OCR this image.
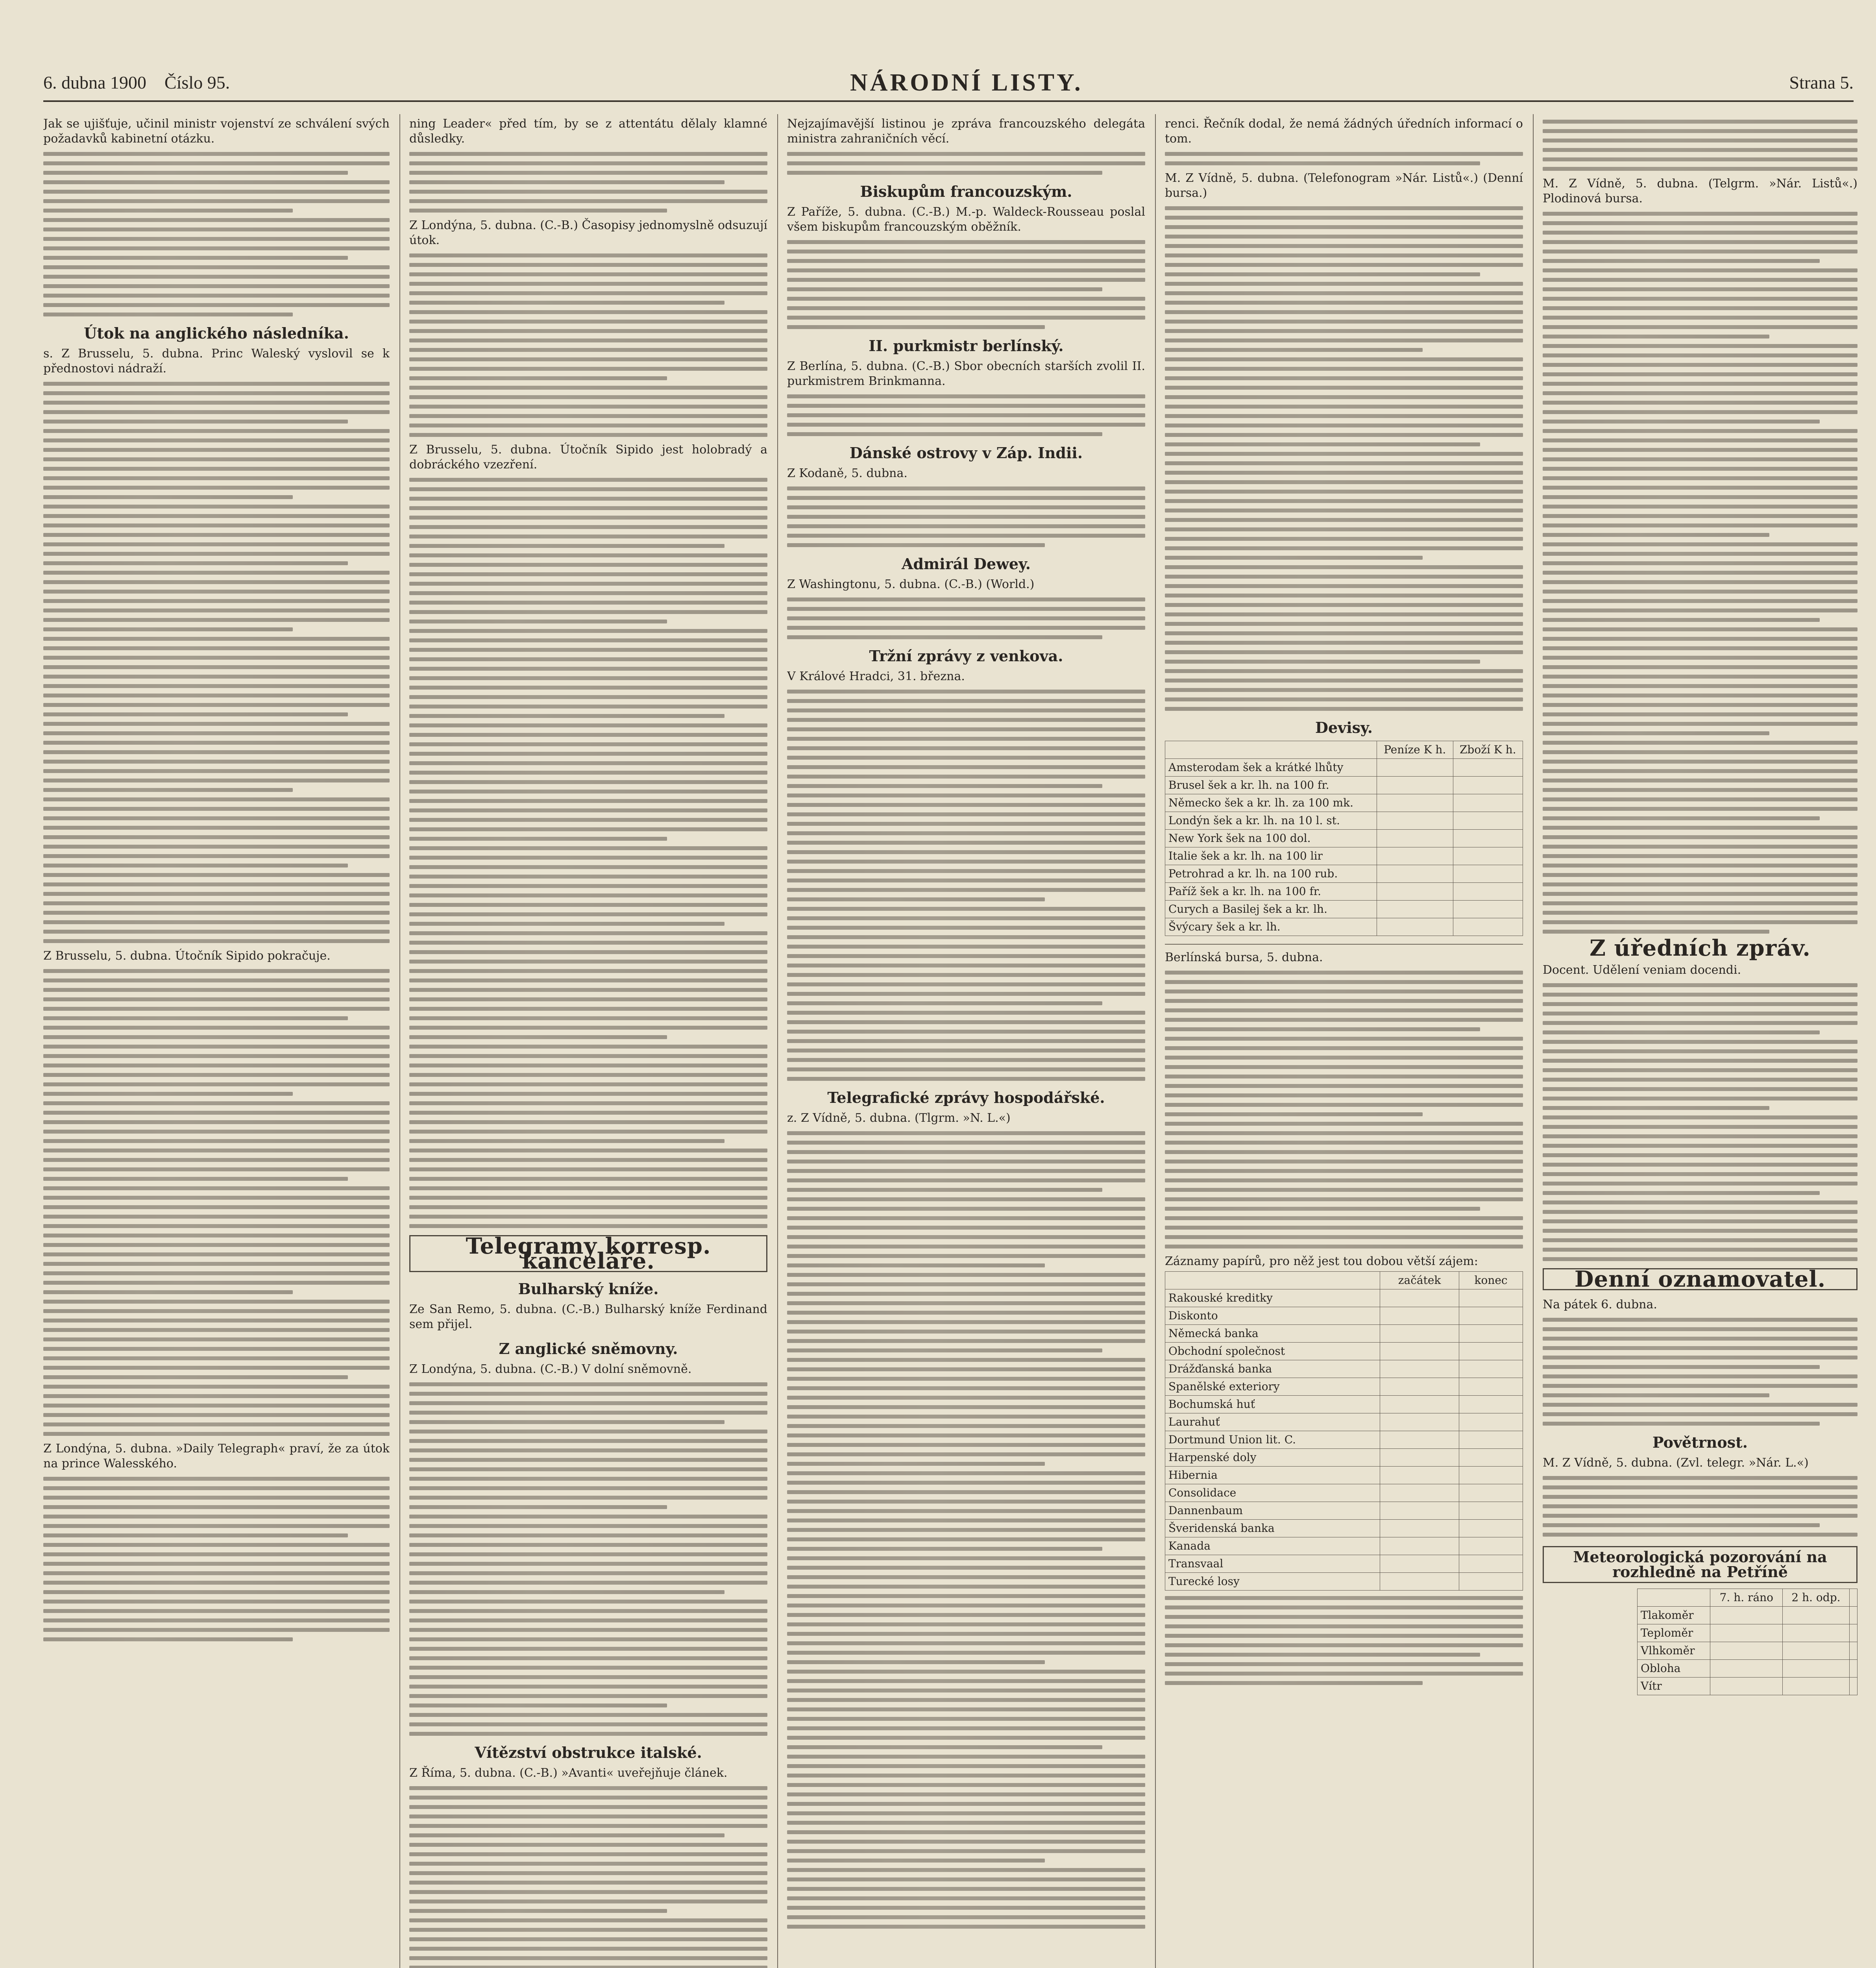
6. dubna 1900 Číslo 95.	NÁRODNÍ LISTY.	Strana 5.
Jak se ujišťuje, učinil ministr vojenství ze schválení svých požadavků kabinetní otázku.
Útok na anglického následníka.
s. Z Brusselu, 5. dubna. Princ Waleský vyslovil se k přednostovi nádraží.
Z Brusselu, 5. dubna. Útočník Sipido pokračuje.
Z Londýna, 5. dubna. »Daily Telegraph« praví, že za útok na prince Walesského.
ning Leader« před tím, by se z attentátu dělaly klamné důsledky.
Z Londýna, 5. dubna. (C.-B.) Časopisy jednomyslně odsuzují útok.
Z Brusselu, 5. dubna. Útočník Sipido jest holobradý a dobráckého vzezření.
Telegramy korresp. kanceláře.
Bulharský kníže.
Ze San Remo, 5. dubna. (C.-B.) Bulharský kníže Ferdinand sem přijel.
Z anglické sněmovny.
Z Londýna, 5. dubna. (C.-B.) V dolní sněmovně.
Vítězství obstrukce italské.
Z Říma, 5. dubna. (C.-B.) »Avanti« uveřejňuje článek.
Nejzajímavější listinou je zpráva francouzského delegáta ministra zahraničních věcí.
Biskupům francouzským.
Z Paříže, 5. dubna. (C.-B.) M.-p. Waldeck-Rousseau poslal všem biskupům francouzským oběžník.
II. purkmistr berlínský.
Z Berlína, 5. dubna. (C.-B.) Sbor obecních starších zvolil II. purkmistrem Brinkmanna.
Dánské ostrovy v Záp. Indii.
Z Kodaně, 5. dubna.
Admirál Dewey.
Z Washingtonu, 5. dubna. (C.-B.) (World.)
Tržní zprávy z venkova.
V Králové Hradci, 31. března.
Telegrafické zprávy hospodářské.
z. Z Vídně, 5. dubna. (Tlgrm. »N. L.«)
renci. Řečník dodal, že nemá žádných úředních informací o tom.
M. Z Vídně, 5. dubna. (Telefonogram »Nár. Listů«.) (Denní bursa.)
Devisy.
	Peníze K h.	Zboží K h.
Amsterodam šek a krátké lhůty		
Brusel šek a kr. lh. na 100 fr.		
Německo šek a kr. lh. za 100 mk.		
Londýn šek a kr. lh. na 10 l. st.		
New York šek na 100 dol.		
Italie šek a kr. lh. na 100 lir		
Petrohrad a kr. lh. na 100 rub.		
Paříž šek a kr. lh. na 100 fr.		
Curych a Basilej šek a kr. lh.		
Švýcary šek a kr. lh.		
Berlínská bursa, 5. dubna.
Záznamy papírů, pro něž jest tou dobou větší zájem:
	začátek	konec
Rakouské kreditky		
Diskonto		
Německá banka		
Obchodní společnost		
Drážďanská banka		
Spanělské exteriory		
Bochumská huť		
Laurahuť		
Dortmund Union lit. C.		
Harpenské doly		
Hibernia		
Consolidace		
Dannenbaum		
Šveridenská banka		
Kanada		
Transvaal		
Turecké losy		
M. Z Vídně, 5. dubna. (Telgrm. »Nár. Listů«.) Plodinová bursa.
Z úředních zpráv.
Docent. Udělení veniam docendi.
Denní oznamovatel.
Na pátek 6. dubna.
Povětrnost.
M. Z Vídně, 5. dubna. (Zvl. telegr. »Nár. L.«)
Meteorologická pozorování na rozhledně na Petříně
	7. h. ráno	2 h. odp.	
Tlakoměr			
Teploměr			
Vlhkoměr			
Oblohа			
Vítr			
